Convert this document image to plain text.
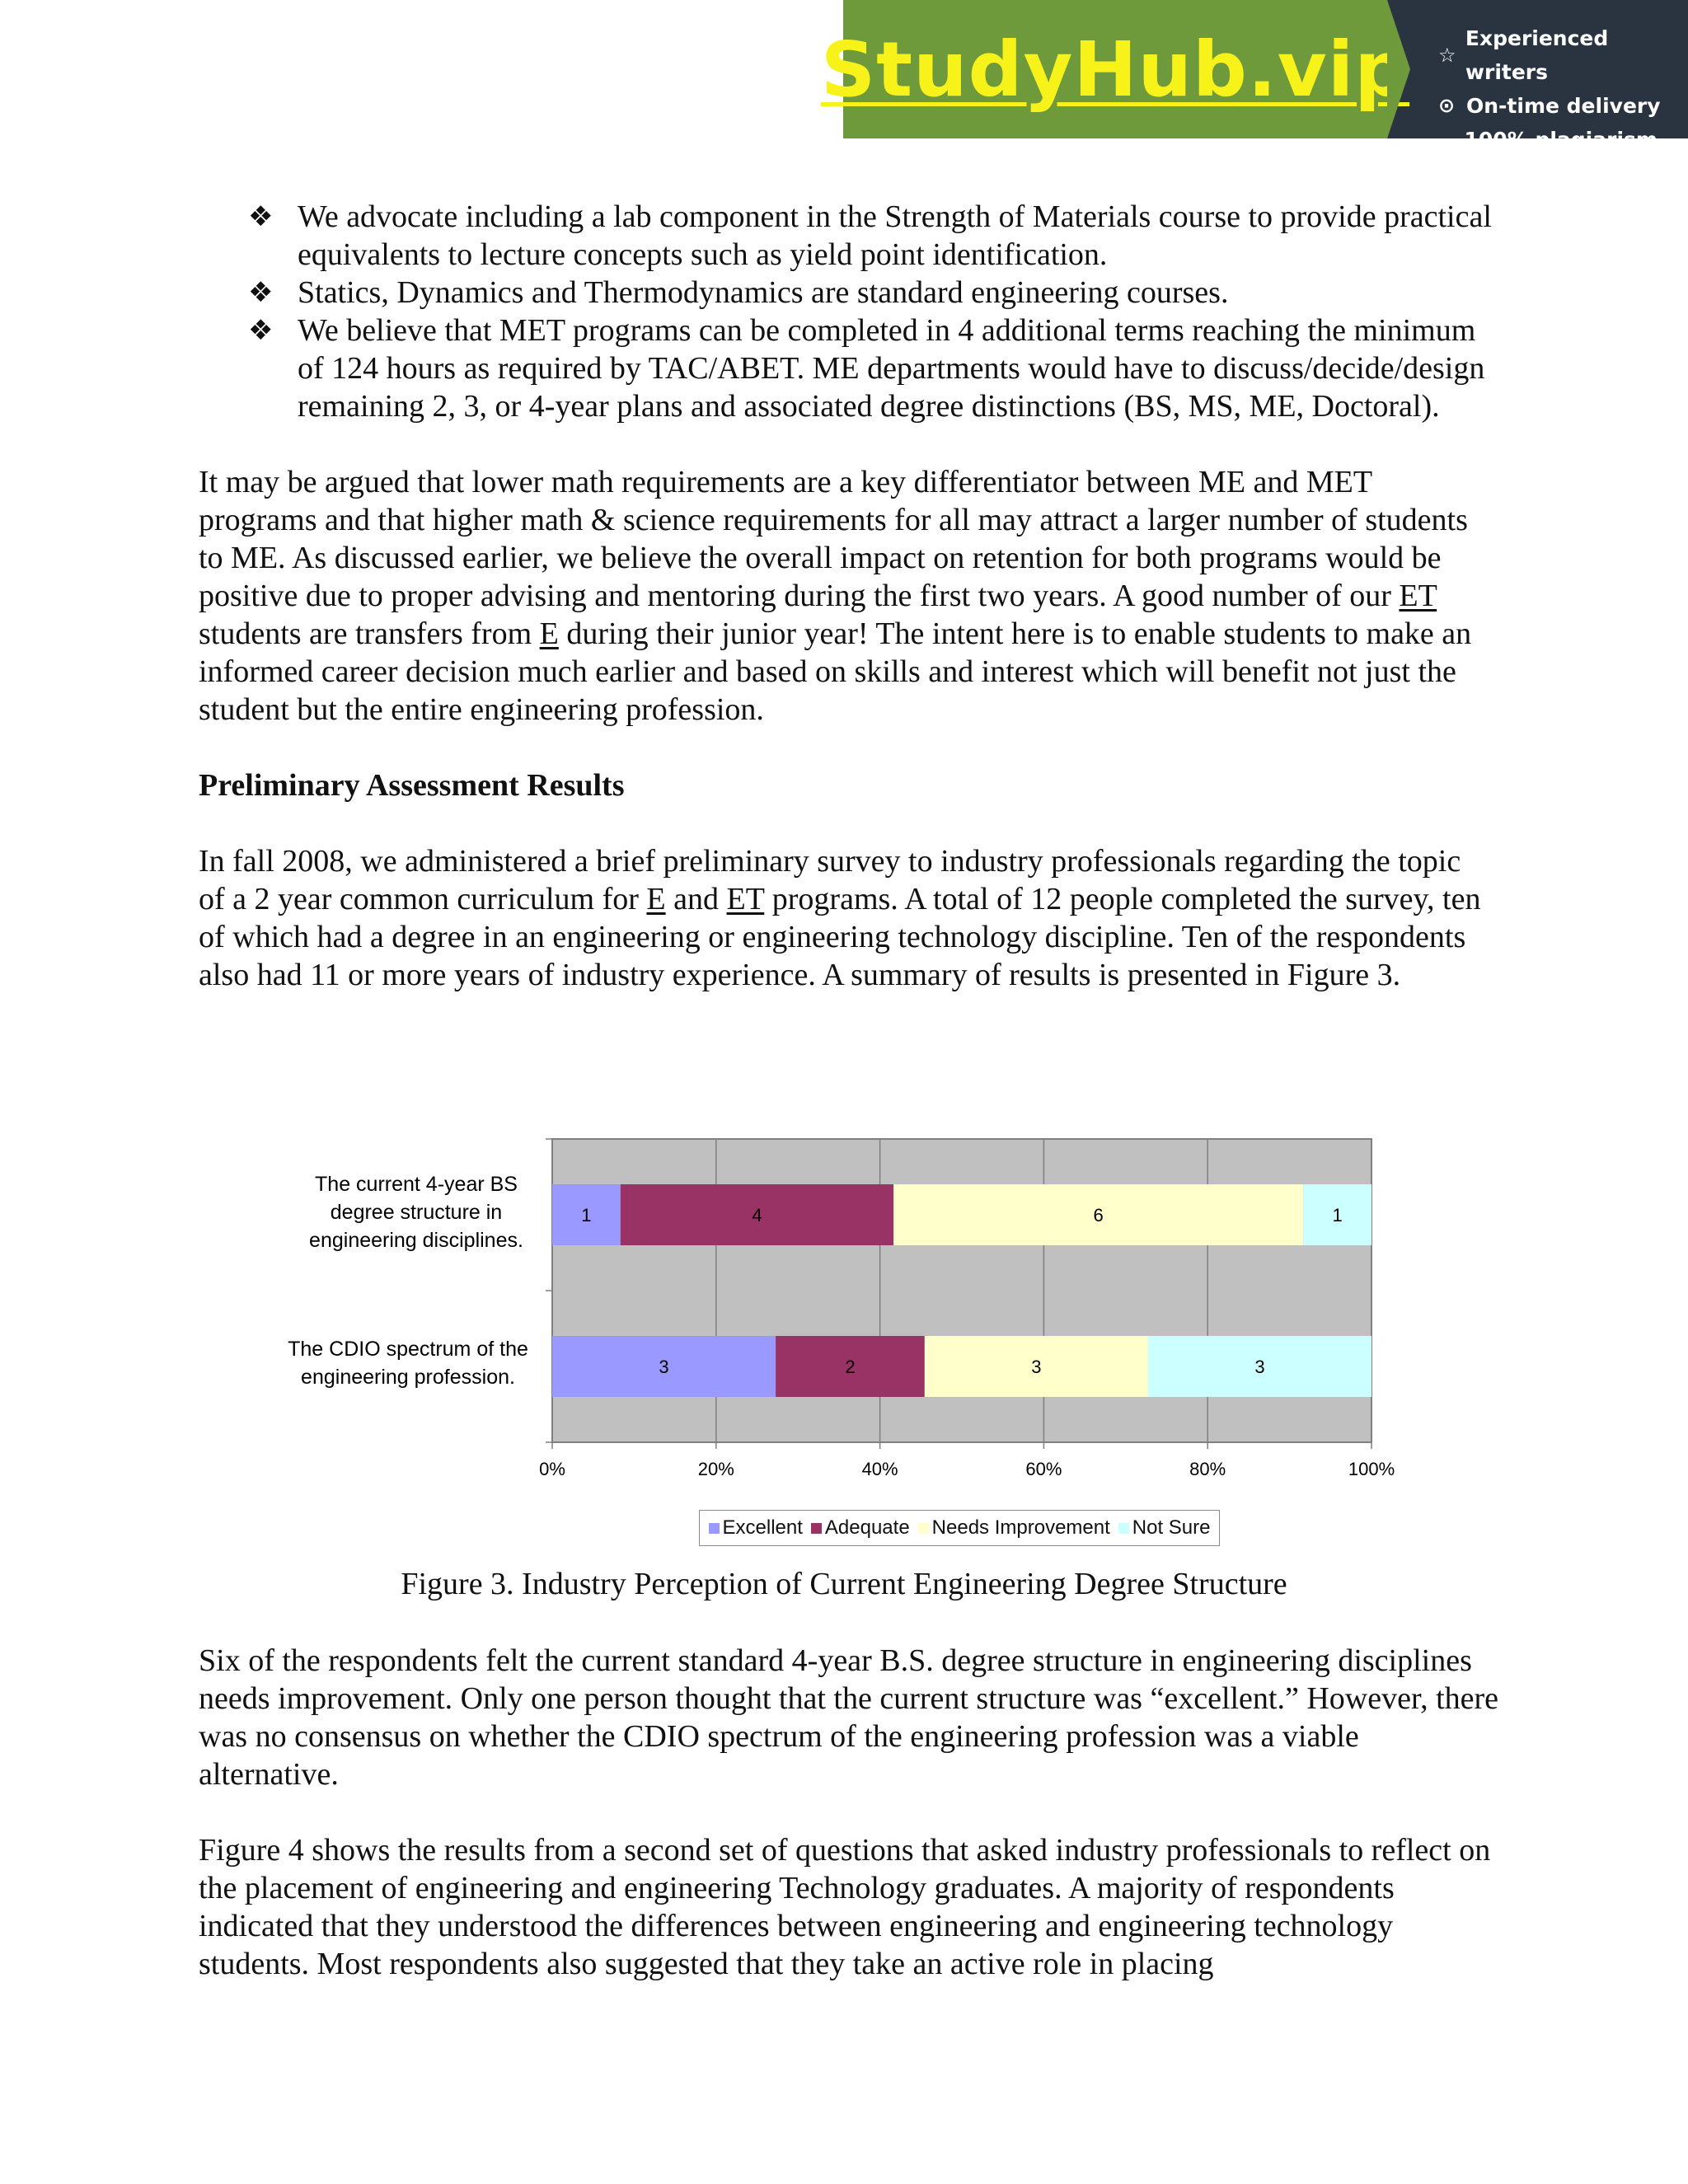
StudyHub.vip ☆
Experienced writers
⊙ On-time delivery
⧉
100% plagiarism free
❖ We advocate including a lab component in the Strength of Materials course to provide practical equivalents to lecture concepts such as yield point identification.
❖ Statics, Dynamics and Thermodynamics are standard engineering courses.
❖ We believe that MET programs can be completed in 4 additional terms reaching the minimum of 124 hours as required by TAC/ABET. ME departments would have to discuss/decide/design remaining 2, 3, or 4-year plans and associated degree distinctions (BS, MS, ME, Doctoral).

It may be argued that lower math requirements are a key differentiator between ME and MET programs and that higher math & science requirements for all may attract a larger number of students to ME. As discussed earlier, we believe the overall impact on retention for both programs would be positive due to proper advising and mentoring during the first two years. A good number of our ET students are transfers from E during their junior year! The intent here is to enable students to make an informed career decision much earlier and based on skills and interest which will benefit not just the student but the entire engineering profession.

Preliminary Assessment Results

In fall 2008, we administered a brief preliminary survey to industry professionals regarding the topic of a 2 year common curriculum for E and ET programs. A total of 12 people completed the survey, ten of which had a degree in an engineering or engineering technology discipline. Ten of the respondents also had 11 or more years of industry experience. A summary of results is presented in Figure 3.

0%	20%	40%	60%	80%	100%
1	4	6	1
3	2	3	3
The current 4-year BS
degree structure in
engineering disciplines.
The CDIO spectrum of the
engineering profession.
Excellent Adequate Needs Improvement Not Sure
Figure 3. Industry Perception of Current Engineering Degree Structure

Six of the respondents felt the current standard 4-year B.S. degree structure in engineering disciplines needs improvement. Only one person thought that the current structure was “excellent.” However, there was no consensus on whether the CDIO spectrum of the engineering profession was a viable alternative.

Figure 4 shows the results from a second set of questions that asked industry professionals to reflect on the placement of engineering and engineering Technology graduates. A majority of respondents indicated that they understood the differences between engineering and engineering technology students. Most respondents also suggested that they take an active role in placing
